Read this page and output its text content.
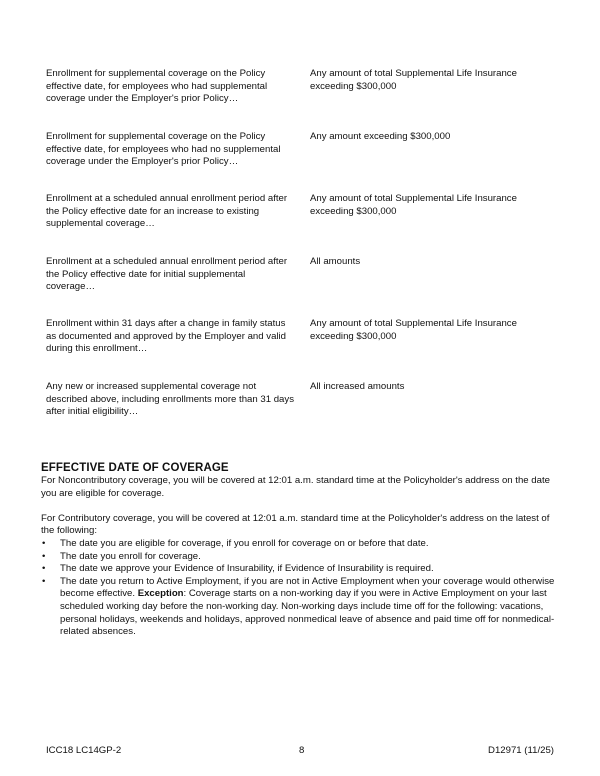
Enrollment for supplemental coverage on the Policy effective date, for employees who had supplemental coverage under the Employer's prior Policy…
Any amount of total Supplemental Life Insurance exceeding $300,000
Enrollment for supplemental coverage on the Policy effective date, for employees who had no supplemental coverage under the Employer's prior Policy…
Any amount exceeding $300,000
Enrollment at a scheduled annual enrollment period after the Policy effective date for an increase to existing supplemental coverage…
Any amount of total Supplemental Life Insurance exceeding $300,000
Enrollment at a scheduled annual enrollment period after the Policy effective date for initial supplemental coverage…
All amounts
Enrollment within 31 days after a change in family status as documented and approved by the Employer and valid during this enrollment…
Any amount of total Supplemental Life Insurance exceeding $300,000
Any new or increased supplemental coverage not described above, including enrollments more than 31 days after initial eligibility…
All increased amounts
EFFECTIVE DATE OF COVERAGE

For Noncontributory coverage, you will be covered at 12:01 a.m. standard time at the Policyholder's address on the date you are eligible for coverage.

For Contributory coverage, you will be covered at 12:01 a.m. standard time at the Policyholder's address on the latest of the following:

• The date you are eligible for coverage, if you enroll for coverage on or before that date.
• The date you enroll for coverage.
• The date we approve your Evidence of Insurability, if Evidence of Insurability is required.
• The date you return to Active Employment, if you are not in Active Employment when your coverage would otherwise become effective. Exception: Coverage starts on a non-working day if you were in Active Employment on your last scheduled working day before the non-working day. Non-working days include time off for the following: vacations, personal holidays, weekends and holidays, approved nonmedical leave of absence and paid time off for nonmedical-related absences.
ICC18 LC14GP-2	8	D12971 (11/25)
